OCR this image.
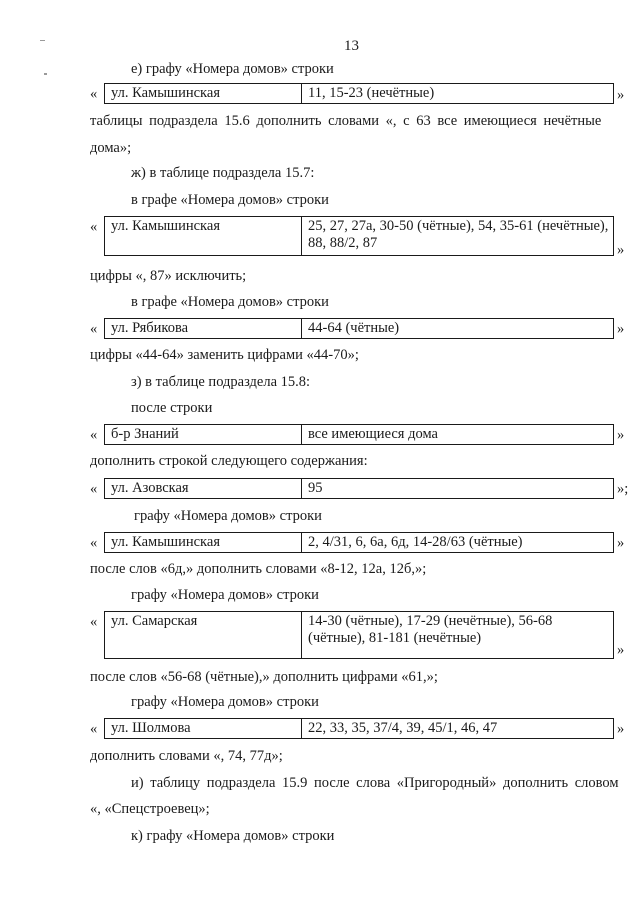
13
е) графу «Номера домов» строки
« ул. Камышинская	11, 15-23 (нечётные)	»
таблицы подраздела 15.6 дополнить словами «, с 63 все имеющиеся нечётные
дома»;
ж) в таблице подраздела 15.7:
в графе «Номера домов» строки
« ул. Камышинская	25, 27, 27а, 30-50 (чётные), 54, 35-61 (нечётные), 88, 88/2, 87	»
цифры «, 87» исключить;
в графе «Номера домов» строки
« ул. Рябикова	44-64 (чётные)	»
цифры «44-64» заменить цифрами «44-70»;
з) в таблице подраздела 15.8:
после строки
« б-р Знаний	все имеющиеся дома	»
дополнить строкой следующего содержания:
« ул. Азовская	95	»;
графу «Номера домов» строки
« ул. Камышинская	2, 4/31, 6, 6а, 6д, 14-28/63 (чётные)	»
после слов «6д,» дополнить словами «8-12, 12а, 12б,»;
графу «Номера домов» строки
« ул. Самарская	14-30 (чётные), 17-29 (нечётные), 56-68 (чётные), 81-181 (нечётные)
»
после слов «56-68 (чётные),» дополнить цифрами «61,»;
графу «Номера домов» строки
« ул. Шолмова	22, 33, 35, 37/4, 39, 45/1, 46, 47	»
дополнить словами «, 74, 77д»;
и) таблицу подраздела 15.9 после слова «Пригородный» дополнить словом
«, «Спецстроевец»;
к) графу «Номера домов» строки
